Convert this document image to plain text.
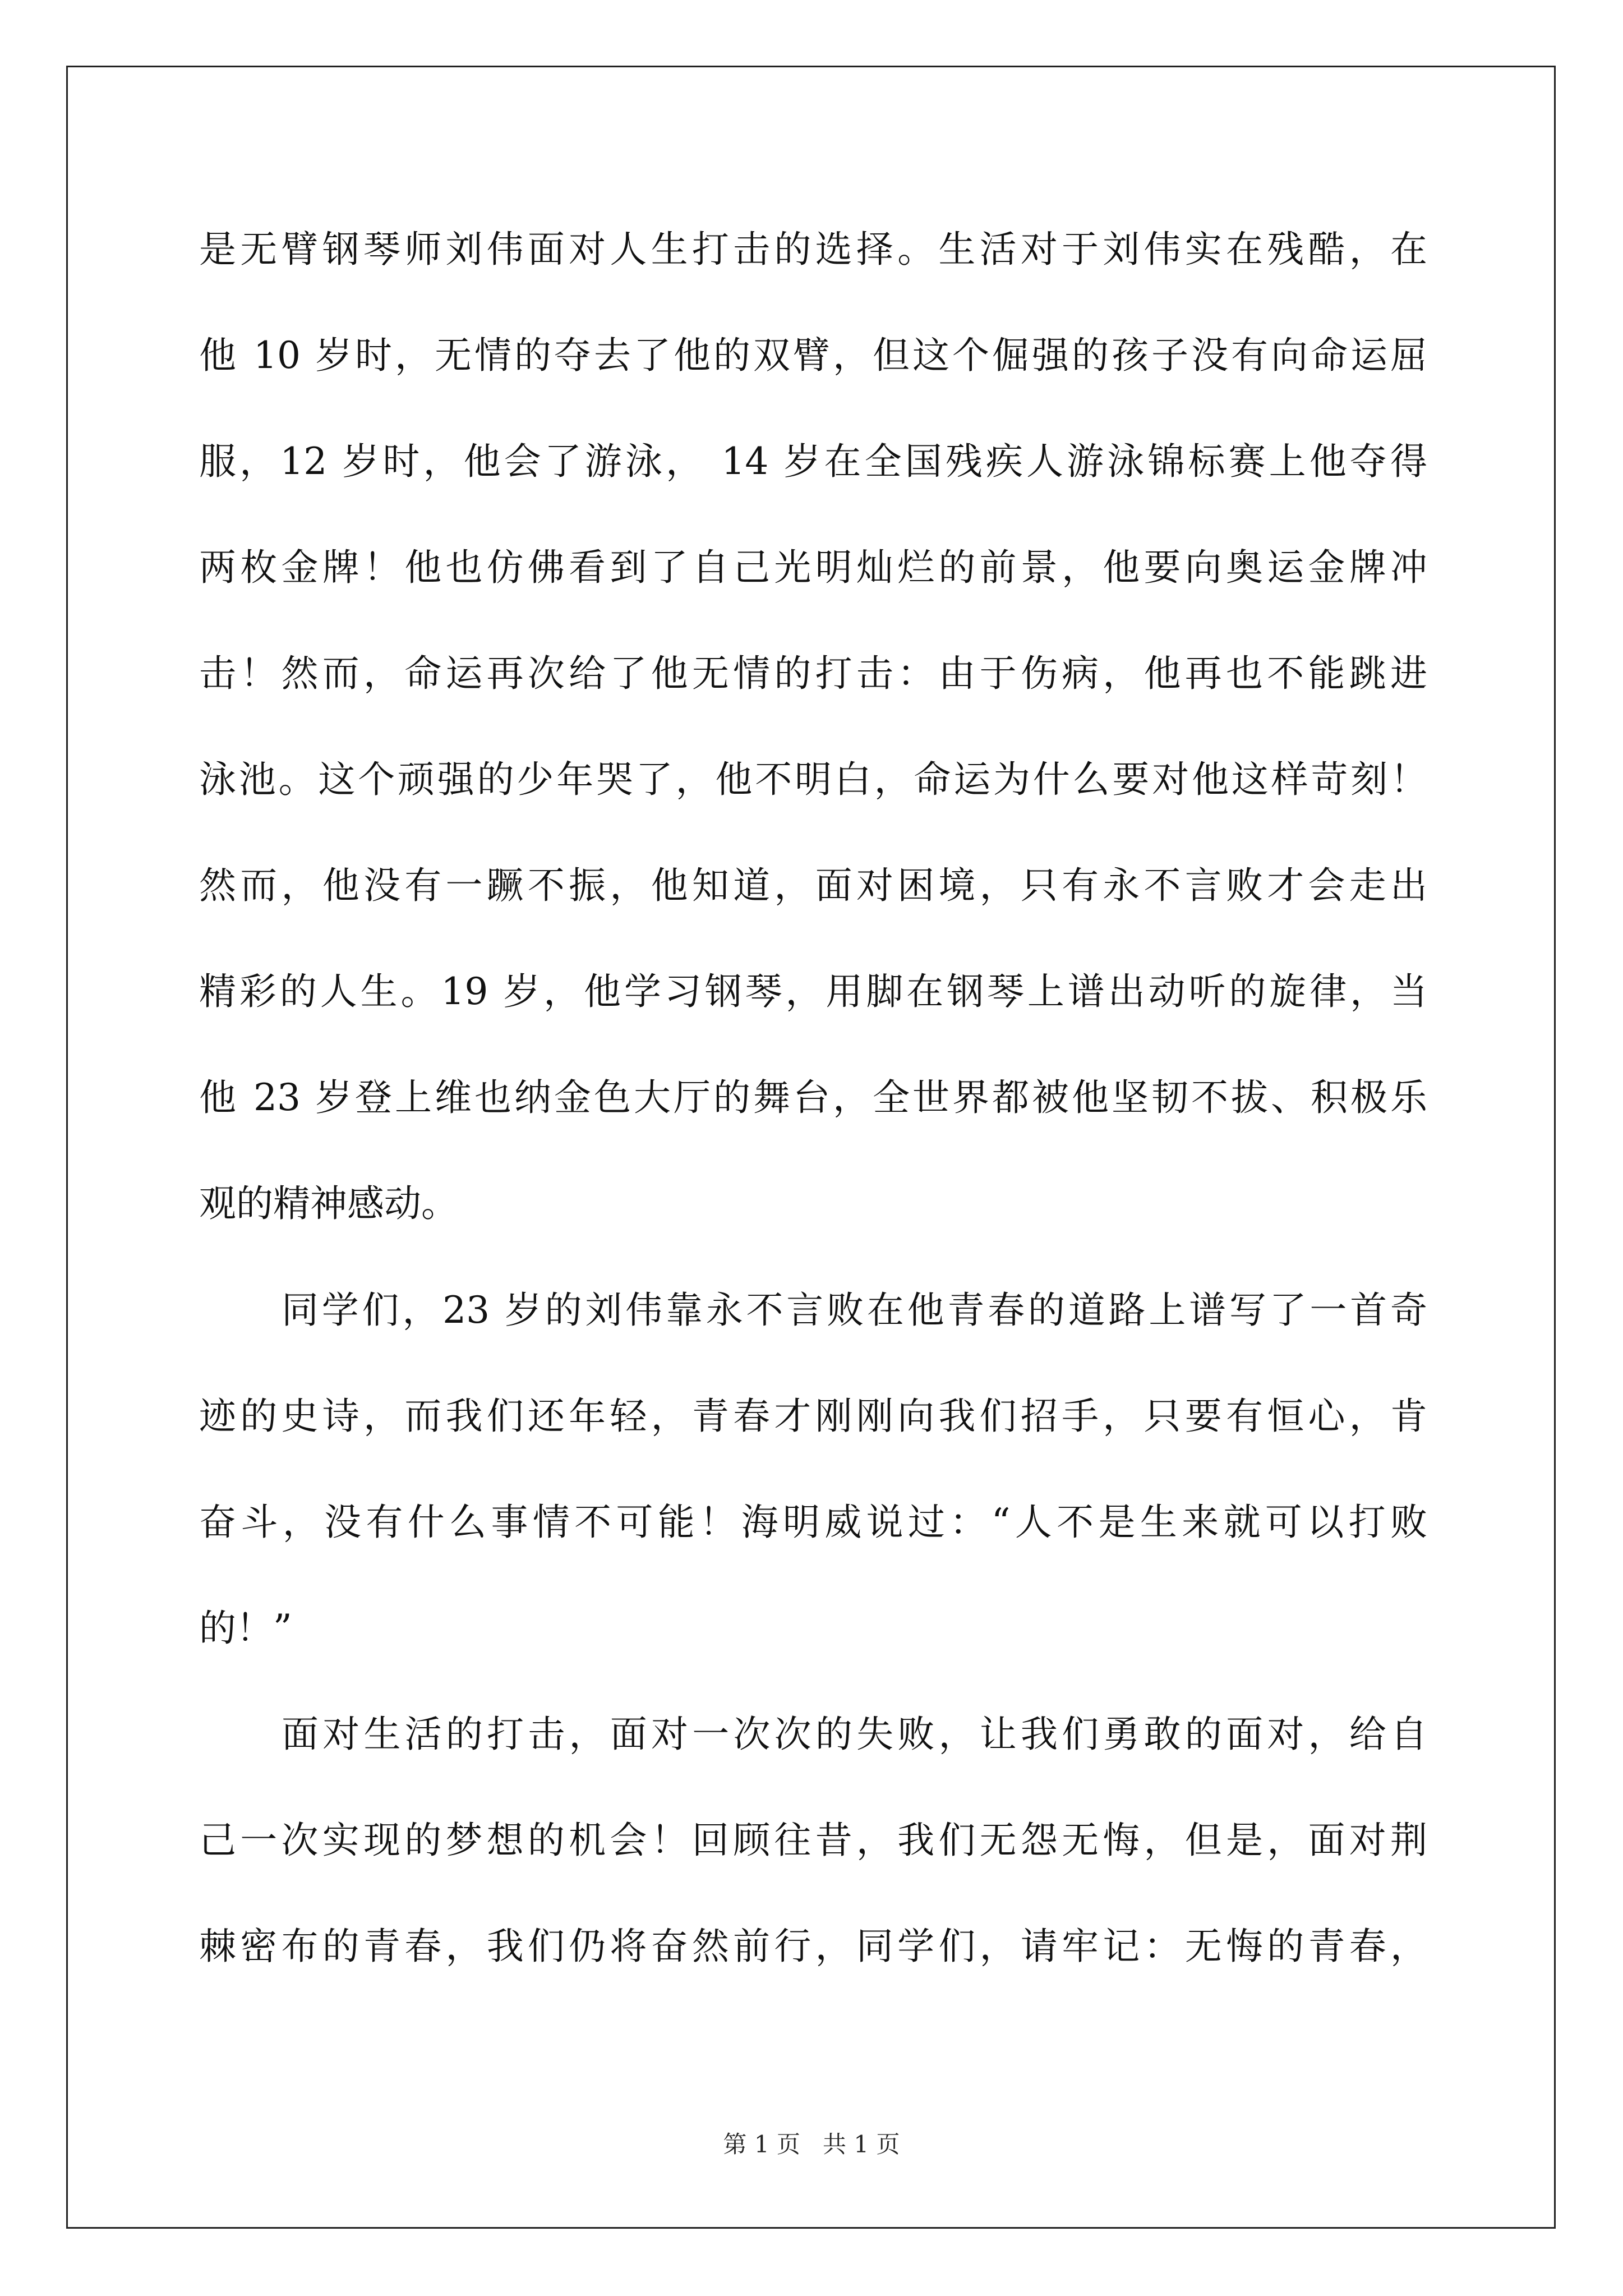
是无臂钢琴师刘伟面对人生打击的选择。生活对于刘伟实在残酷，在
他 10 岁时，无情的夺去了他的双臂，但这个倔强的孩子没有向命运屈
服，12 岁时，他会了游泳， 14 岁在全国残疾人游泳锦标赛上他夺得
两枚金牌！他也仿佛看到了自己光明灿烂的前景，他要向奥运金牌冲
击！然而，命运再次给了他无情的打击：由于伤病，他再也不能跳进
泳池。这个顽强的少年哭了，他不明白，命运为什么要对他这样苛刻！
然而，他没有一蹶不振，他知道，面对困境，只有永不言败才会走出
精彩的人生。19 岁，他学习钢琴，用脚在钢琴上谱出动听的旋律，当
他 23 岁登上维也纳金色大厅的舞台，全世界都被他坚韧不拔、积极乐
观的精神感动。
同学们，23 岁的刘伟靠永不言败在他青春的道路上谱写了一首奇
迹的史诗，而我们还年轻，青春才刚刚向我们招手，只要有恒心，肯
奋斗，没有什么事情不可能！海明威说过：“人不是生来就可以打败
的！”
面对生活的打击，面对一次次的失败，让我们勇敢的面对，给自
己一次实现的梦想的机会！回顾往昔，我们无怨无悔，但是，面对荆
棘密布的青春，我们仍将奋然前行，同学们，请牢记：无悔的青春，
第 1 页   共 1 页
